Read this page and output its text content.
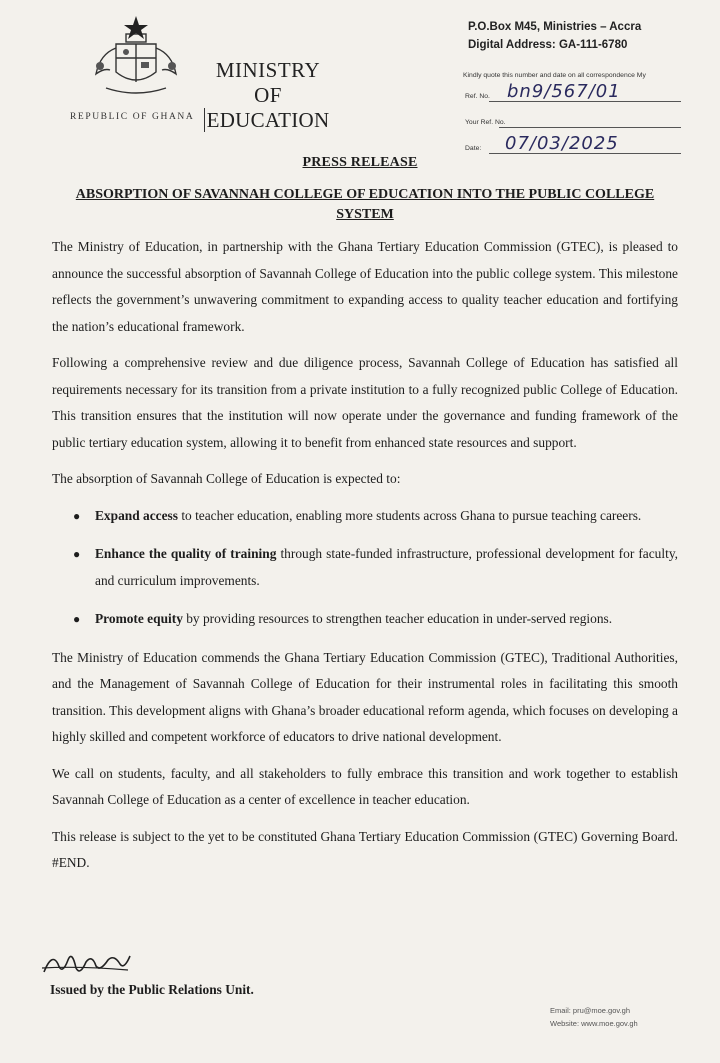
REPUBLIC OF GHANA
MINISTRY
OF
EDUCATION
P.O.Box M45, Ministries – Accra
Digital Address: GA-111-6780
Kindly quote this number and date on all correspondence My
Ref. No. bn9/567/01
Your Ref. No.
Date: 07/03/2025
PRESS RELEASE
ABSORPTION OF SAVANNAH COLLEGE OF EDUCATION INTO THE PUBLIC COLLEGE SYSTEM

The Ministry of Education, in partnership with the Ghana Tertiary Education Commission (GTEC), is pleased to announce the successful absorption of Savannah College of Education into the public college system. This milestone reflects the government’s unwavering commitment to expanding access to quality teacher education and fortifying the nation’s educational framework.

Following a comprehensive review and due diligence process, Savannah College of Education has satisfied all requirements necessary for its transition from a private institution to a fully recognized public College of Education. This transition ensures that the institution will now operate under the governance and funding framework of the public tertiary education system, allowing it to benefit from enhanced state resources and support.

The absorption of Savannah College of Education is expected to:

● Expand access to teacher education, enabling more students across Ghana to pursue teaching careers.
● Enhance the quality of training through state-funded infrastructure, professional development for faculty, and curriculum improvements.
● Promote equity by providing resources to strengthen teacher education in under-served regions.

The Ministry of Education commends the Ghana Tertiary Education Commission (GTEC), Traditional Authorities, and the Management of Savannah College of Education for their instrumental roles in facilitating this smooth transition. This development aligns with Ghana’s broader educational reform agenda, which focuses on developing a highly skilled and competent workforce of educators to drive national development.

We call on students, faculty, and all stakeholders to fully embrace this transition and work together to establish Savannah College of Education as a center of excellence in teacher education.

This release is subject to the yet to be constituted Ghana Tertiary Education Commission (GTEC) Governing Board. #END.

Issued by the Public Relations Unit.
Email: pru@moe.gov.gh
Website: www.moe.gov.gh
